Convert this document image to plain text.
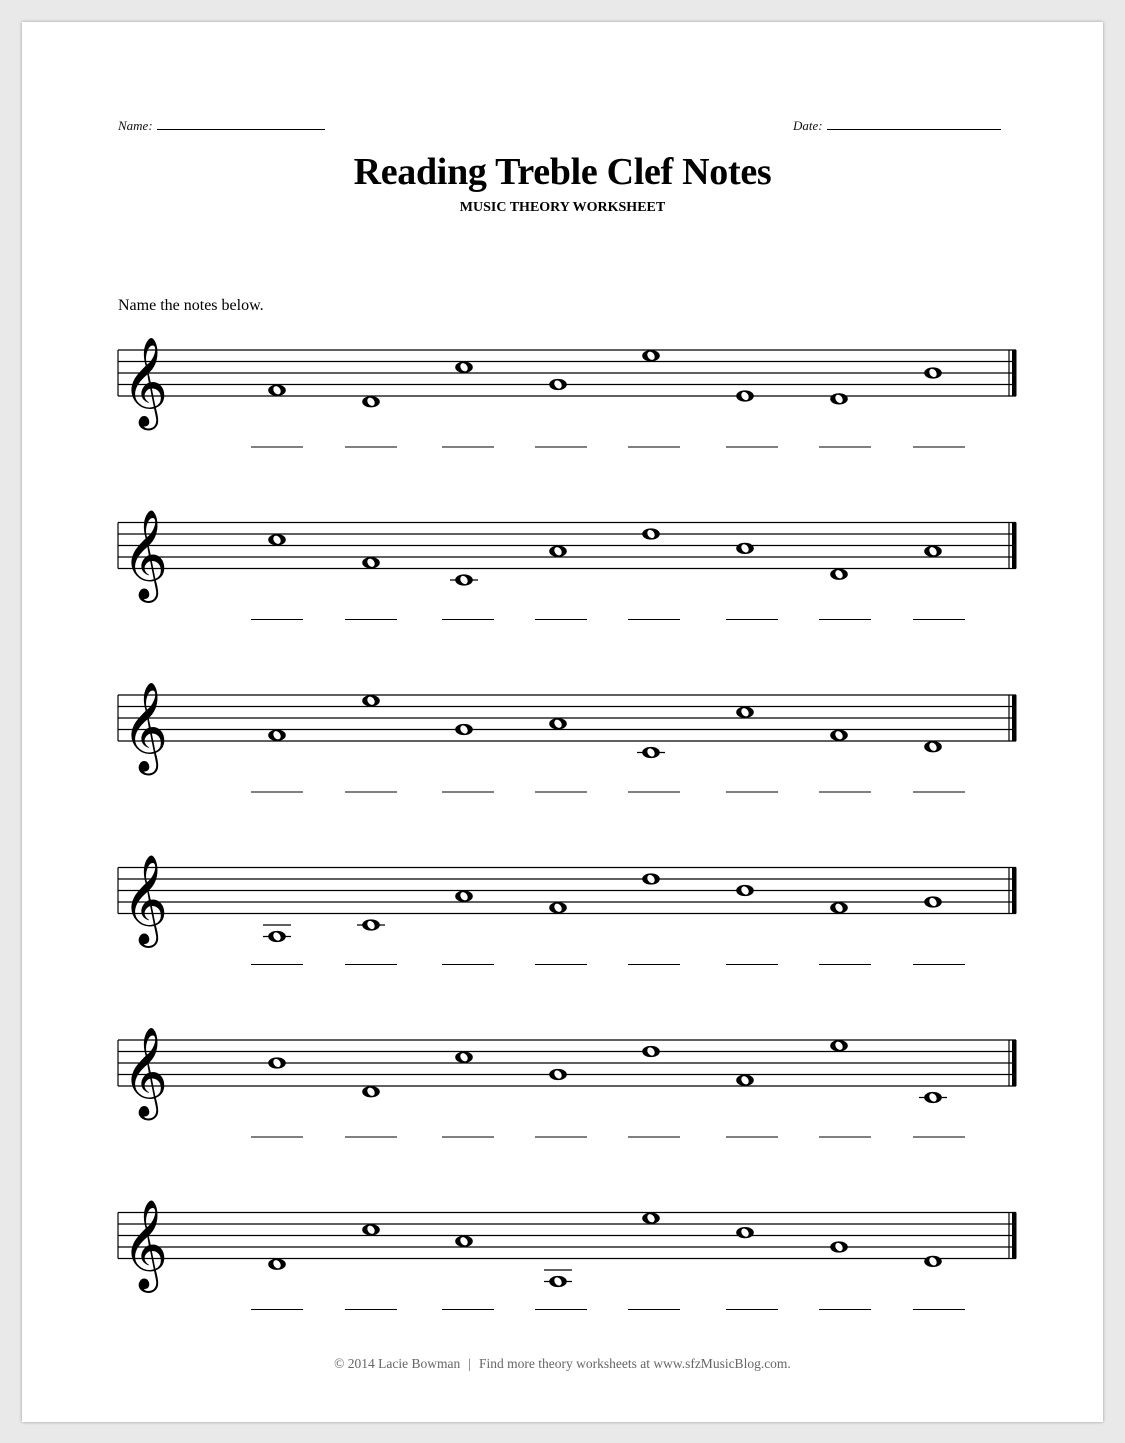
Name:	Date:
Reading Treble Clef Notes
MUSIC THEORY WORKSHEET
Name the notes below.
𝄞
𝄞
𝄞
𝄞
𝄞
𝄞
© 2014 Lacie Bowman | Find more theory worksheets at www.sfzMusicBlog.com.
